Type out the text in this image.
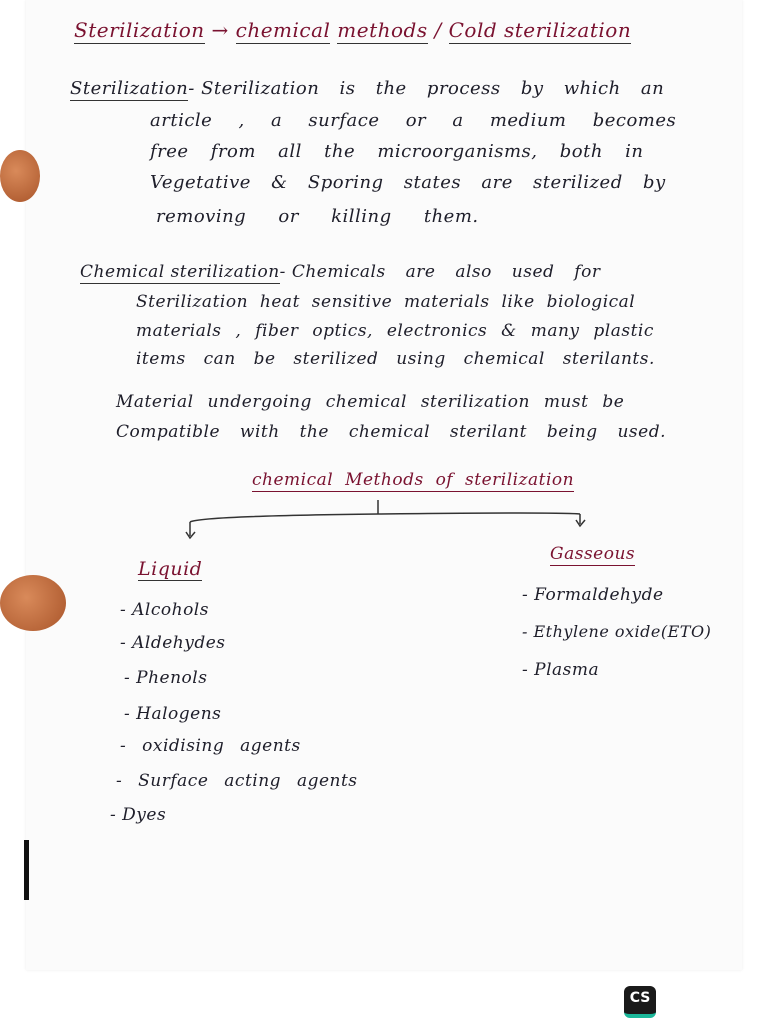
Sterilization → chemical methods / Cold sterilization
Sterilization- Sterilization is the process by which an
article , a surface or a medium becomes
free from all the microorganisms, both in
Vegetative & Sporing states are sterilized by
removing or killing them.
Chemical sterilization- Chemicals are also used for
Sterilization heat sensitive materials like biological
materials , fiber optics, electronics & many plastic
items can be sterilized using chemical sterilants.
Material undergoing chemical sterilization must be
Compatible with the chemical sterilant being used.
chemical Methods of sterilization
Liquid
- Alcohols
- Aldehydes
- Phenols
- Halogens
- oxidising agents
- Surface acting agents
- Dyes
Gasseous
- Formaldehyde
- Ethylene oxide(ETO)
- Plasma
CS
